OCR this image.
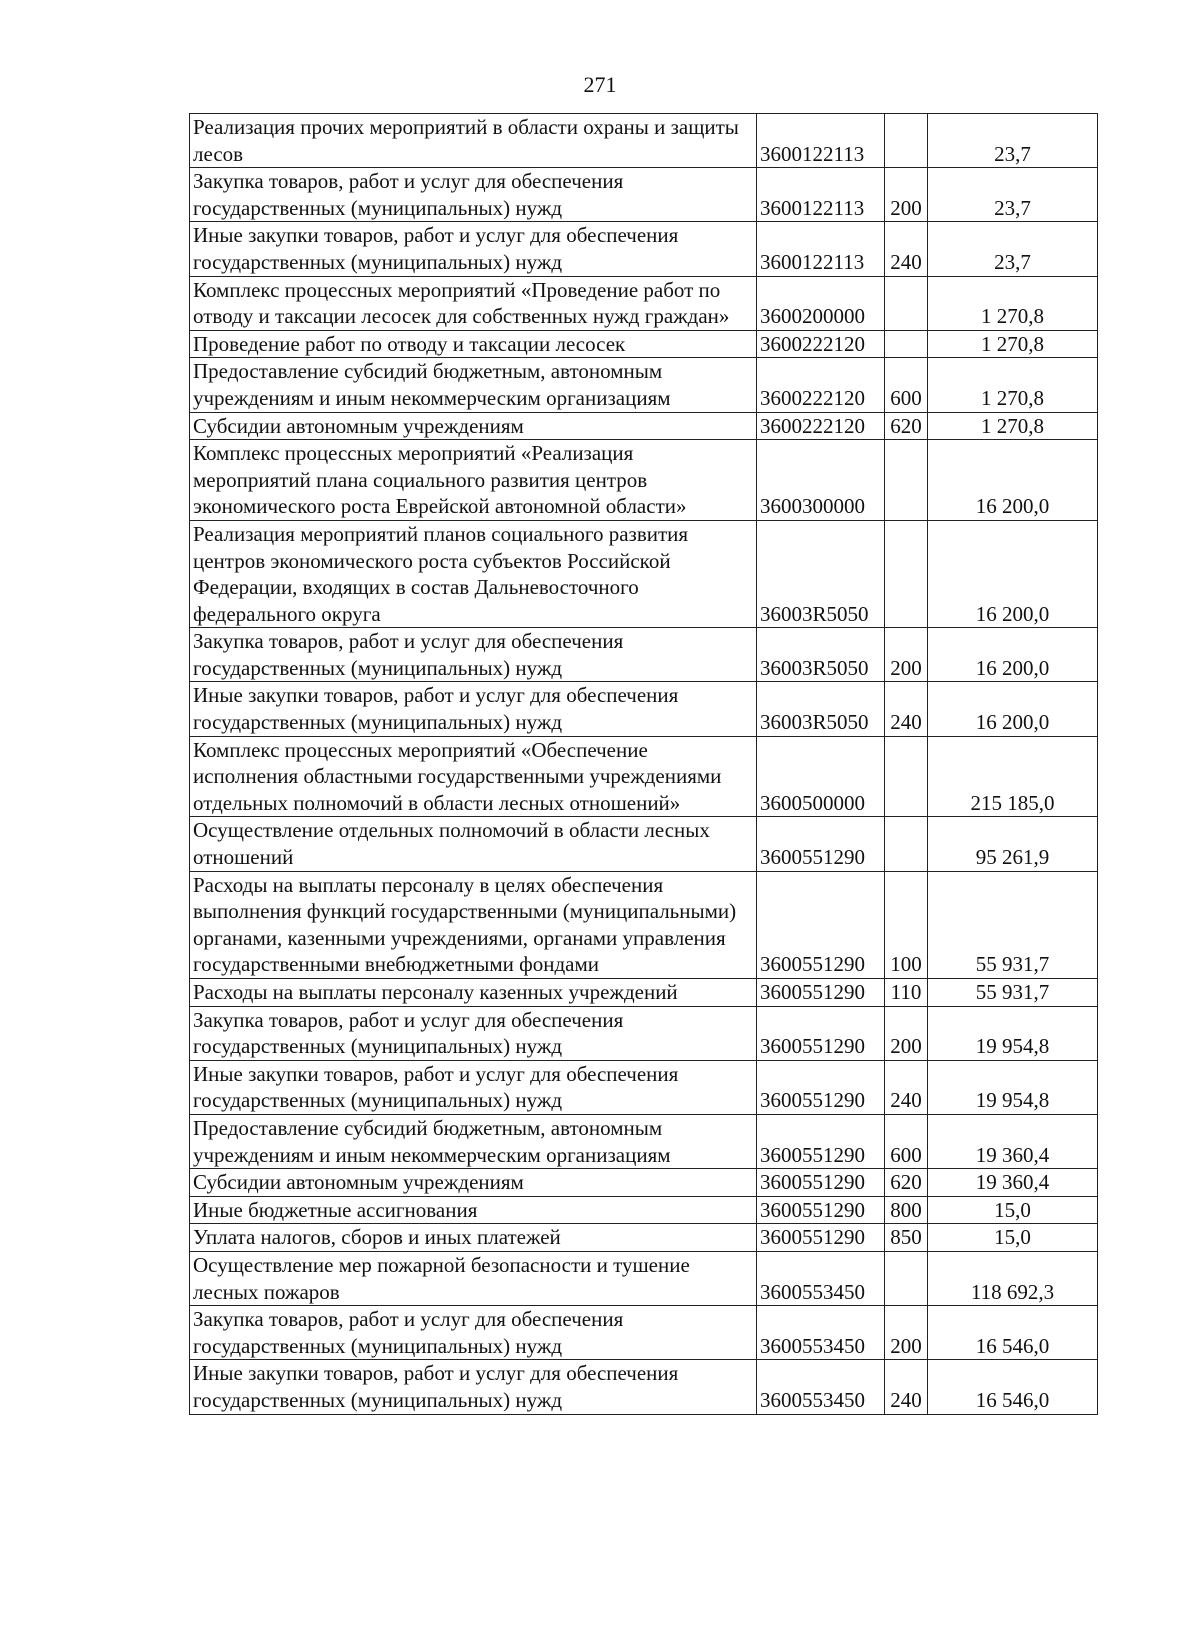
271
Реализация прочих мероприятий в области охраны и защиты лесов	3600122113		23,7
Закупка товаров, работ и услуг для обеспечения государственных (муниципальных) нужд	3600122113	200	23,7
Иные закупки товаров, работ и услуг для обеспечения государственных (муниципальных) нужд	3600122113	240	23,7
Комплекс процессных мероприятий «Проведение работ по отводу и таксации лесосек для собственных нужд граждан»	3600200000		1 270,8
Проведение работ по отводу и таксации лесосек	3600222120		1 270,8
Предоставление субсидий бюджетным, автономным учреждениям и иным некоммерческим организациям	3600222120	600	1 270,8
Субсидии автономным учреждениям	3600222120	620	1 270,8
Комплекс процессных мероприятий «Реализация мероприятий плана социального развития центров экономического роста Еврейской автономной области»	3600300000		16 200,0
Реализация мероприятий планов социального развития центров экономического роста субъектов Российской Федерации, входящих в состав Дальневосточного федерального округа	36003R5050		16 200,0
Закупка товаров, работ и услуг для обеспечения государственных (муниципальных) нужд	36003R5050	200	16 200,0
Иные закупки товаров, работ и услуг для обеспечения государственных (муниципальных) нужд	36003R5050	240	16 200,0
Комплекс процессных мероприятий «Обеспечение исполнения областными государственными учреждениями отдельных полномочий в области лесных отношений»	3600500000		215 185,0
Осуществление отдельных полномочий в области лесных отношений	3600551290		95 261,9
Расходы на выплаты персоналу в целях обеспечения выполнения функций государственными (муниципальными) органами, казенными учреждениями, органами управления государственными внебюджетными фондами	3600551290	100	55 931,7
Расходы на выплаты персоналу казенных учреждений	3600551290	110	55 931,7
Закупка товаров, работ и услуг для обеспечения государственных (муниципальных) нужд	3600551290	200	19 954,8
Иные закупки товаров, работ и услуг для обеспечения государственных (муниципальных) нужд	3600551290	240	19 954,8
Предоставление субсидий бюджетным, автономным учреждениям и иным некоммерческим организациям	3600551290	600	19 360,4
Субсидии автономным учреждениям	3600551290	620	19 360,4
Иные бюджетные ассигнования	3600551290	800	15,0
Уплата налогов, сборов и иных платежей	3600551290	850	15,0
Осуществление мер пожарной безопасности и тушение лесных пожаров	3600553450		118 692,3
Закупка товаров, работ и услуг для обеспечения государственных (муниципальных) нужд	3600553450	200	16 546,0
Иные закупки товаров, работ и услуг для обеспечения государственных (муниципальных) нужд	3600553450	240	16 546,0
